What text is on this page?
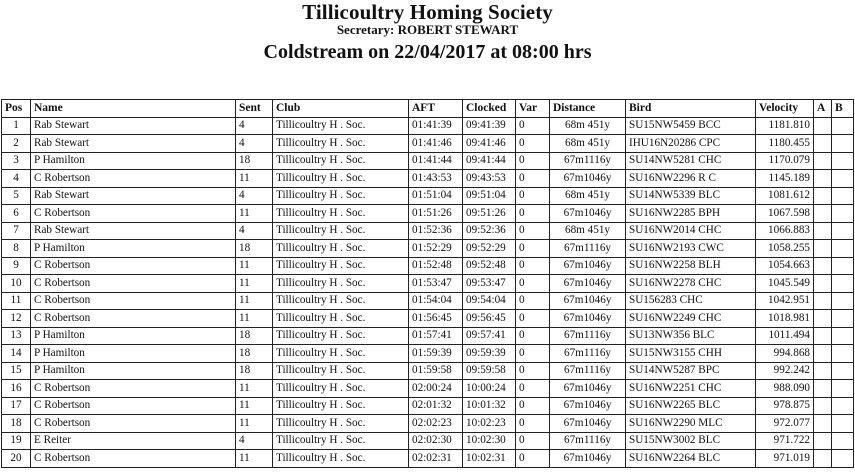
Tillicoultry Homing Society
Secretary: ROBERT STEWART
Coldstream on 22/04/2017 at 08:00 hrs
Pos	Name	Sent	Club	AFT	Clocked	Var	Distance	Bird	Velocity	A	B
1	Rab Stewart	4	Tillicoultry H . Soc.	01:41:39	09:41:39	0	68m 451y	SU15NW5459 BCC	1181.810		
2	Rab Stewart	4	Tillicoultry H . Soc.	01:41:46	09:41:46	0	68m 451y	IHU16N20286 CPC	1180.455		
3	P Hamilton	18	Tillicoultry H . Soc.	01:41:44	09:41:44	0	67m1116y	SU14NW5281 CHC	1170.079		
4	C Robertson	11	Tillicoultry H . Soc.	01:43:53	09:43:53	0	67m1046y	SU16NW2296 R C	1145.189		
5	Rab Stewart	4	Tillicoultry H . Soc.	01:51:04	09:51:04	0	68m 451y	SU14NW5339 BLC	1081.612		
6	C Robertson	11	Tillicoultry H . Soc.	01:51:26	09:51:26	0	67m1046y	SU16NW2285 BPH	1067.598		
7	Rab Stewart	4	Tillicoultry H . Soc.	01:52:36	09:52:36	0	68m 451y	SU16NW2014 CHC	1066.883		
8	P Hamilton	18	Tillicoultry H . Soc.	01:52:29	09:52:29	0	67m1116y	SU16NW2193 CWC	1058.255		
9	C Robertson	11	Tillicoultry H . Soc.	01:52:48	09:52:48	0	67m1046y	SU16NW2258 BLH	1054.663		
10	C Robertson	11	Tillicoultry H . Soc.	01:53:47	09:53:47	0	67m1046y	SU16NW2278 CHC	1045.549		
11	C Robertson	11	Tillicoultry H . Soc.	01:54:04	09:54:04	0	67m1046y	SU156283 CHC	1042.951		
12	C Robertson	11	Tillicoultry H . Soc.	01:56:45	09:56:45	0	67m1046y	SU16NW2249 CHC	1018.981		
13	P Hamilton	18	Tillicoultry H . Soc.	01:57:41	09:57:41	0	67m1116y	SU13NW356 BLC	1011.494		
14	P Hamilton	18	Tillicoultry H . Soc.	01:59:39	09:59:39	0	67m1116y	SU15NW3155 CHH	994.868		
15	P Hamilton	18	Tillicoultry H . Soc.	01:59:58	09:59:58	0	67m1116y	SU14NW5287 BPC	992.242		
16	C Robertson	11	Tillicoultry H . Soc.	02:00:24	10:00:24	0	67m1046y	SU16NW2251 CHC	988.090		
17	C Robertson	11	Tillicoultry H . Soc.	02:01:32	10:01:32	0	67m1046y	SU16NW2265 BLC	978.875		
18	C Robertson	11	Tillicoultry H . Soc.	02:02:23	10:02:23	0	67m1046y	SU16NW2290 MLC	972.077		
19	E Reiter	4	Tillicoultry H . Soc.	02:02:30	10:02:30	0	67m1116y	SU15NW3002 BLC	971.722		
20	C Robertson	11	Tillicoultry H . Soc.	02:02:31	10:02:31	0	67m1046y	SU16NW2264 BLC	971.019		
